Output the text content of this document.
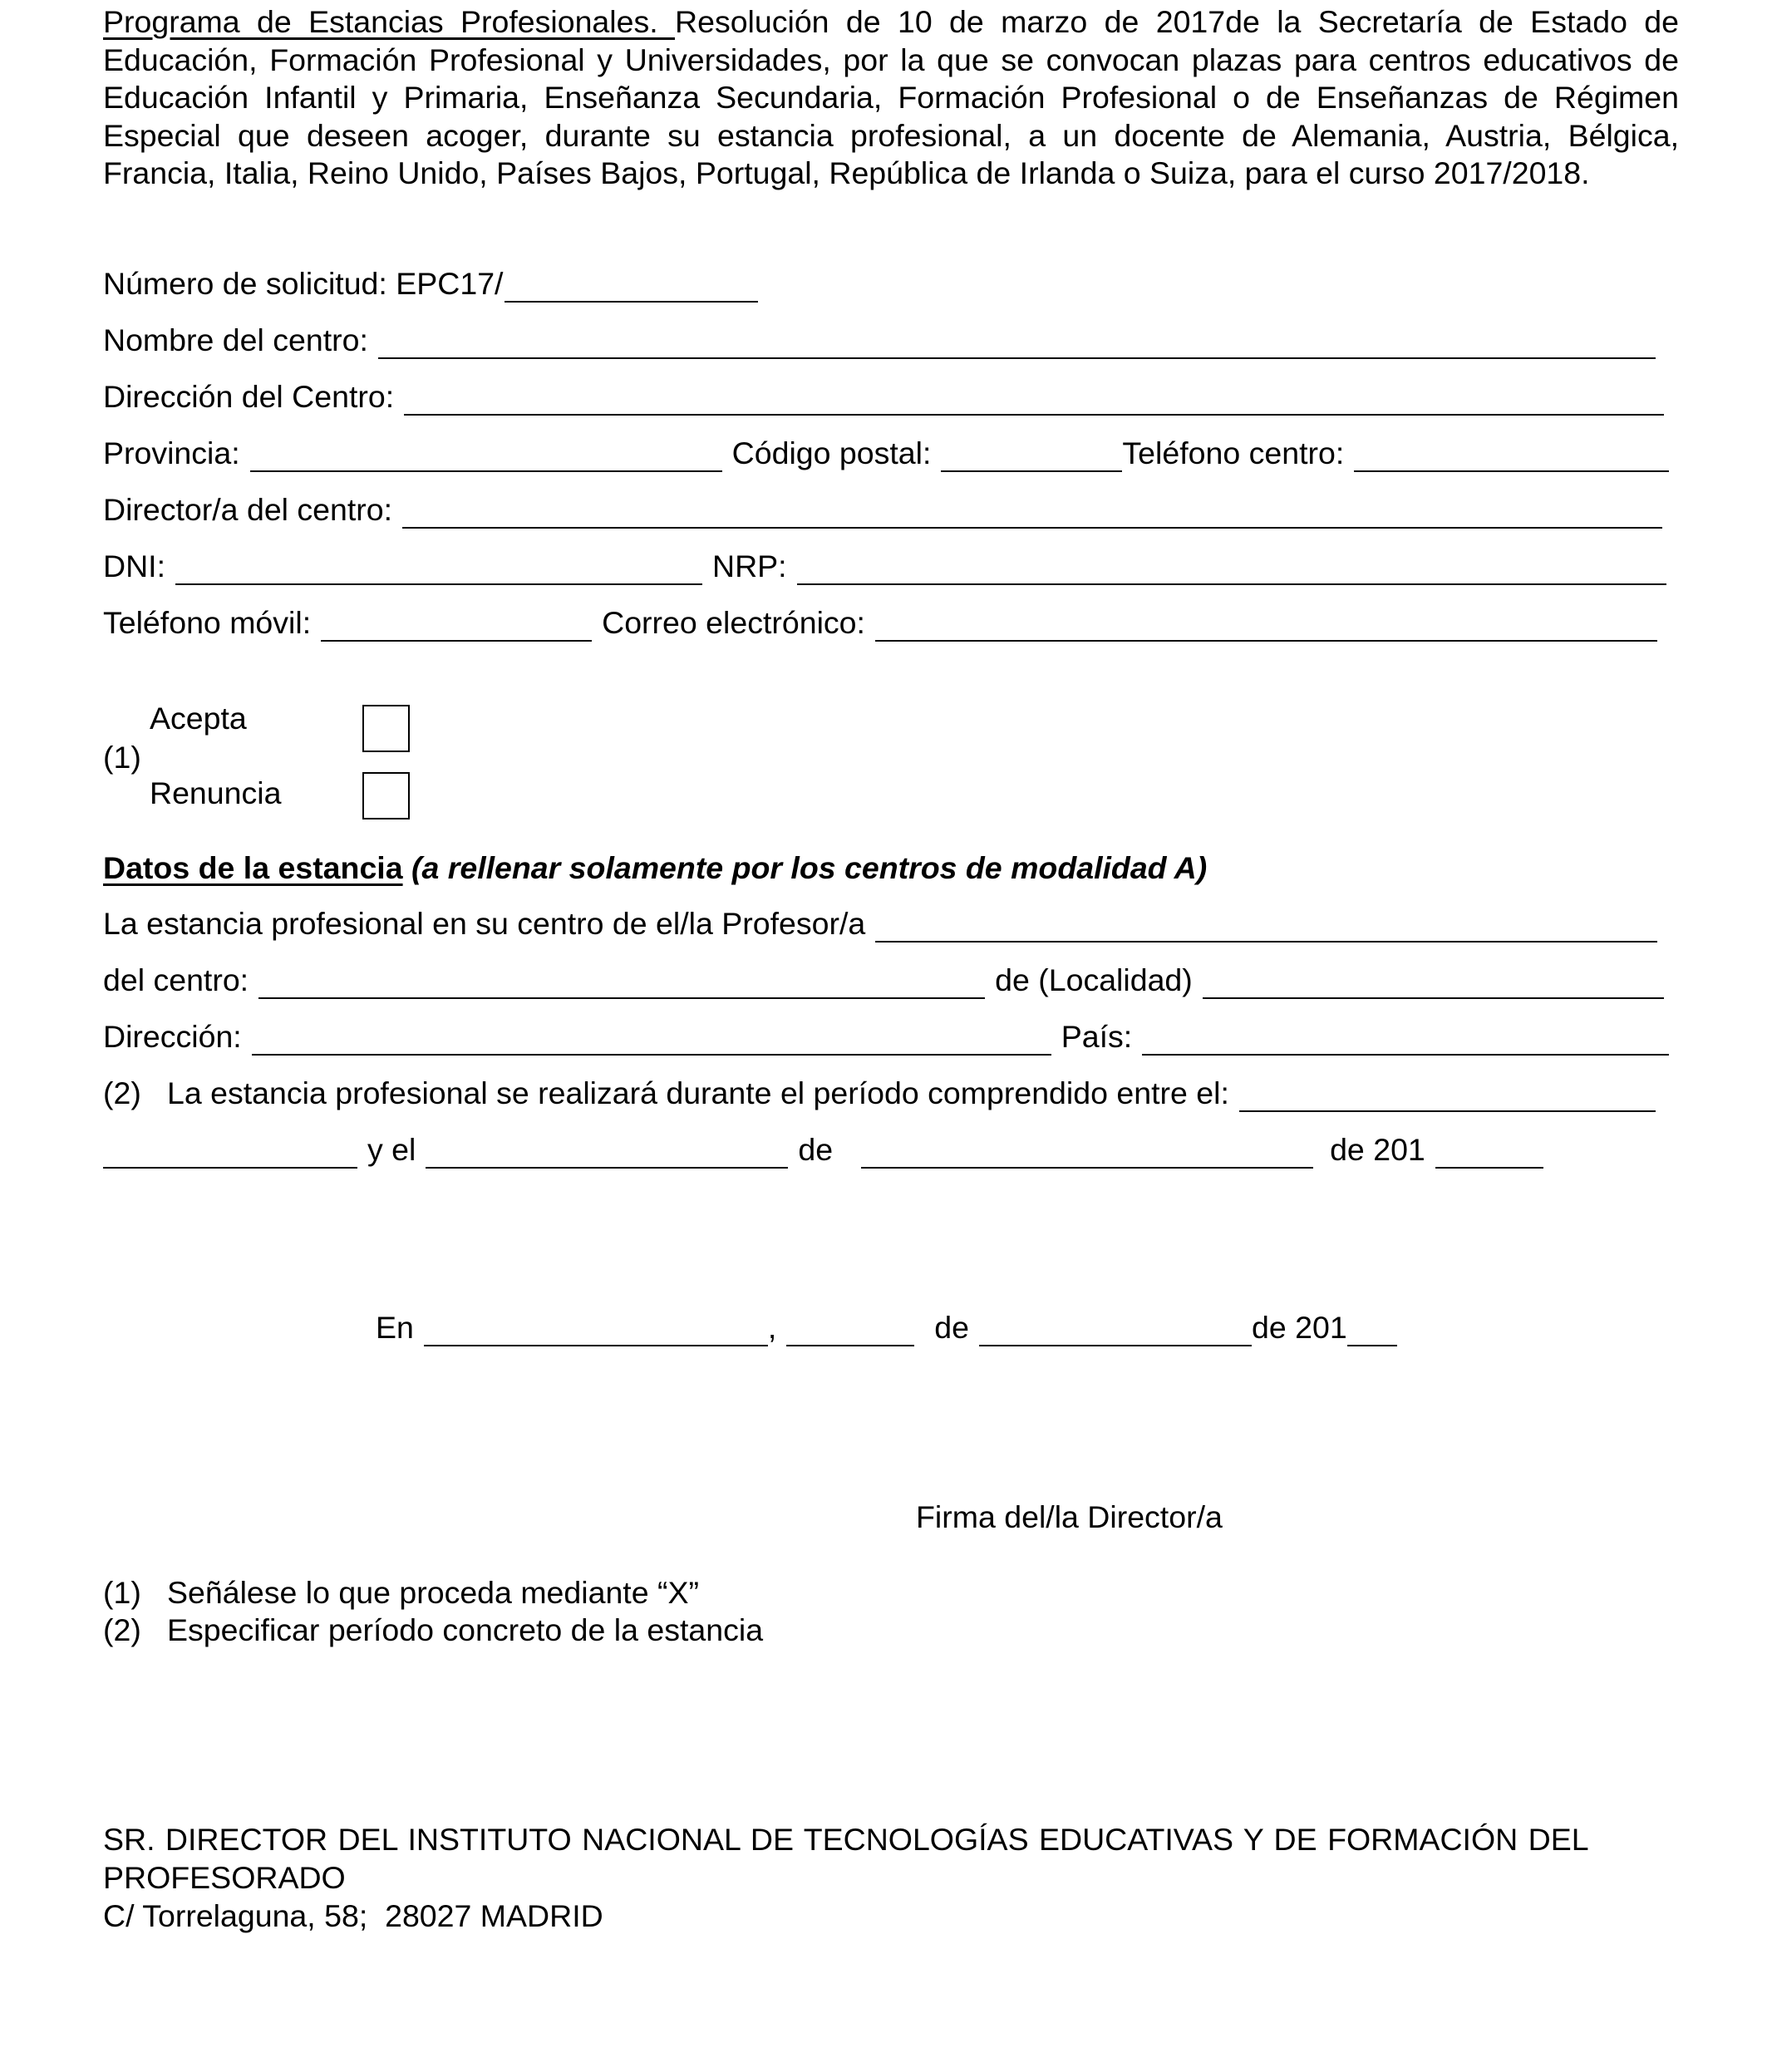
Programa de Estancias Profesionales. Resolución de 10 de marzo de 2017de la Secretaría de Estado de Educación, Formación Profesional y Universidades, por la que se convocan plazas para centros educativos de Educación Infantil y Primaria, Enseñanza Secundaria, Formación Profesional o de Enseñanzas de Régimen Especial que deseen acoger, durante su estancia profesional, a un docente de Alemania, Austria, Bélgica, Francia, Italia, Reino Unido, Países Bajos, Portugal, República de Irlanda o Suiza, para el curso 2017/2018.

Número de solicitud: EPC17/
Nombre del centro:
Dirección del Centro:
Provincia:	Código postal:	Teléfono centro:
Director/a del centro:
DNI:	NRP:
Teléfono móvil:	Correo electrónico:
Acepta
(1)
Renuncia
Datos de la estancia (a rellenar solamente por los centros de modalidad A)
La estancia profesional en su centro de el/la Profesor/a
del centro:	de (Localidad)
Dirección:	País:
(2) La estancia profesional se realizará durante el período comprendido entre el:
y el	de	de 201
En	,	de	de 201
Firma del/la Director/a
(1) Señálese lo que proceda mediante “X”
(2) Especificar período concreto de la estancia
SR. DIRECTOR DEL INSTITUTO NACIONAL DE TECNOLOGÍAS EDUCATIVAS Y DE FORMACIÓN DEL
PROFESORADO
C/ Torrelaguna, 58;  28027 MADRID
